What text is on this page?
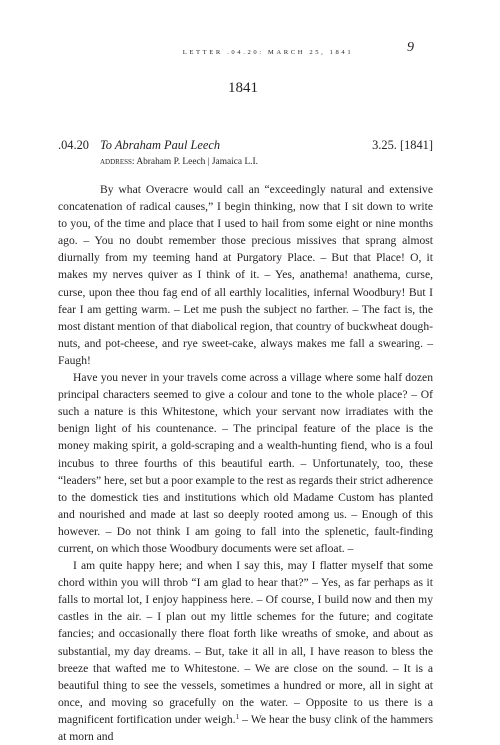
LETTER .04.20: MARCH 25, 1841	9
1841
.04.20 To Abraham Paul Leech	3.25. [1841]
address: Abraham P. Leech | Jamaica L.I.

By what Overacre would call an “exceedingly natural and extensive concatenation of radical causes,” I begin thinking, now that I sit down to write to you, of the time and place that I used to hail from some eight or nine months ago. – You no doubt remember those precious missives that sprang almost diurnally from my teeming hand at Purgatory Place. – But that Place! O, it makes my nerves quiver as I think of it. – Yes, anathema! anathema, curse, curse, upon thee thou fag end of all earthly localities, infernal Woodbury! But I fear I am getting warm. – Let me push the subject no farther. – The fact is, the most distant mention of that diabolical region, that country of buckwheat dough-nuts, and pot-cheese, and rye sweet-cake, always makes me fall a swearing. – Faugh!

Have you never in your travels come across a village where some half dozen principal characters seemed to give a colour and tone to the whole place? – Of such a nature is this Whitestone, which your servant now irradiates with the benign light of his countenance. – The principal feature of the place is the money making spirit, a gold-scraping and a wealth-hunting fiend, who is a foul incubus to three fourths of this beautiful earth. – Unfortunately, too, these “leaders” here, set but a poor example to the rest as regards their strict adherence to the domestick ties and institutions which old Madame Custom has planted and nourished and made at last so deeply rooted among us. – Enough of this however. – Do not think I am going to fall into the splenetic, fault-finding current, on which those Woodbury documents were set afloat. –

I am quite happy here; and when I say this, may I flatter myself that some chord within you will throb “I am glad to hear that?” – Yes, as far perhaps as it falls to mortal lot, I enjoy happiness here. – Of course, I build now and then my castles in the air. – I plan out my little schemes for the future; and cogitate fancies; and occasionally there float forth like wreaths of smoke, and about as substantial, my day dreams. – But, take it all in all, I have reason to bless the breeze that wafted me to Whitestone. – We are close on the sound. – It is a beautiful thing to see the vessels, sometimes a hundred or more, all in sight at once, and moving so gracefully on the water. – Opposite to us there is a magnificent fortification under weigh.$^1$ – We hear the busy clink of the hammers at morn and
